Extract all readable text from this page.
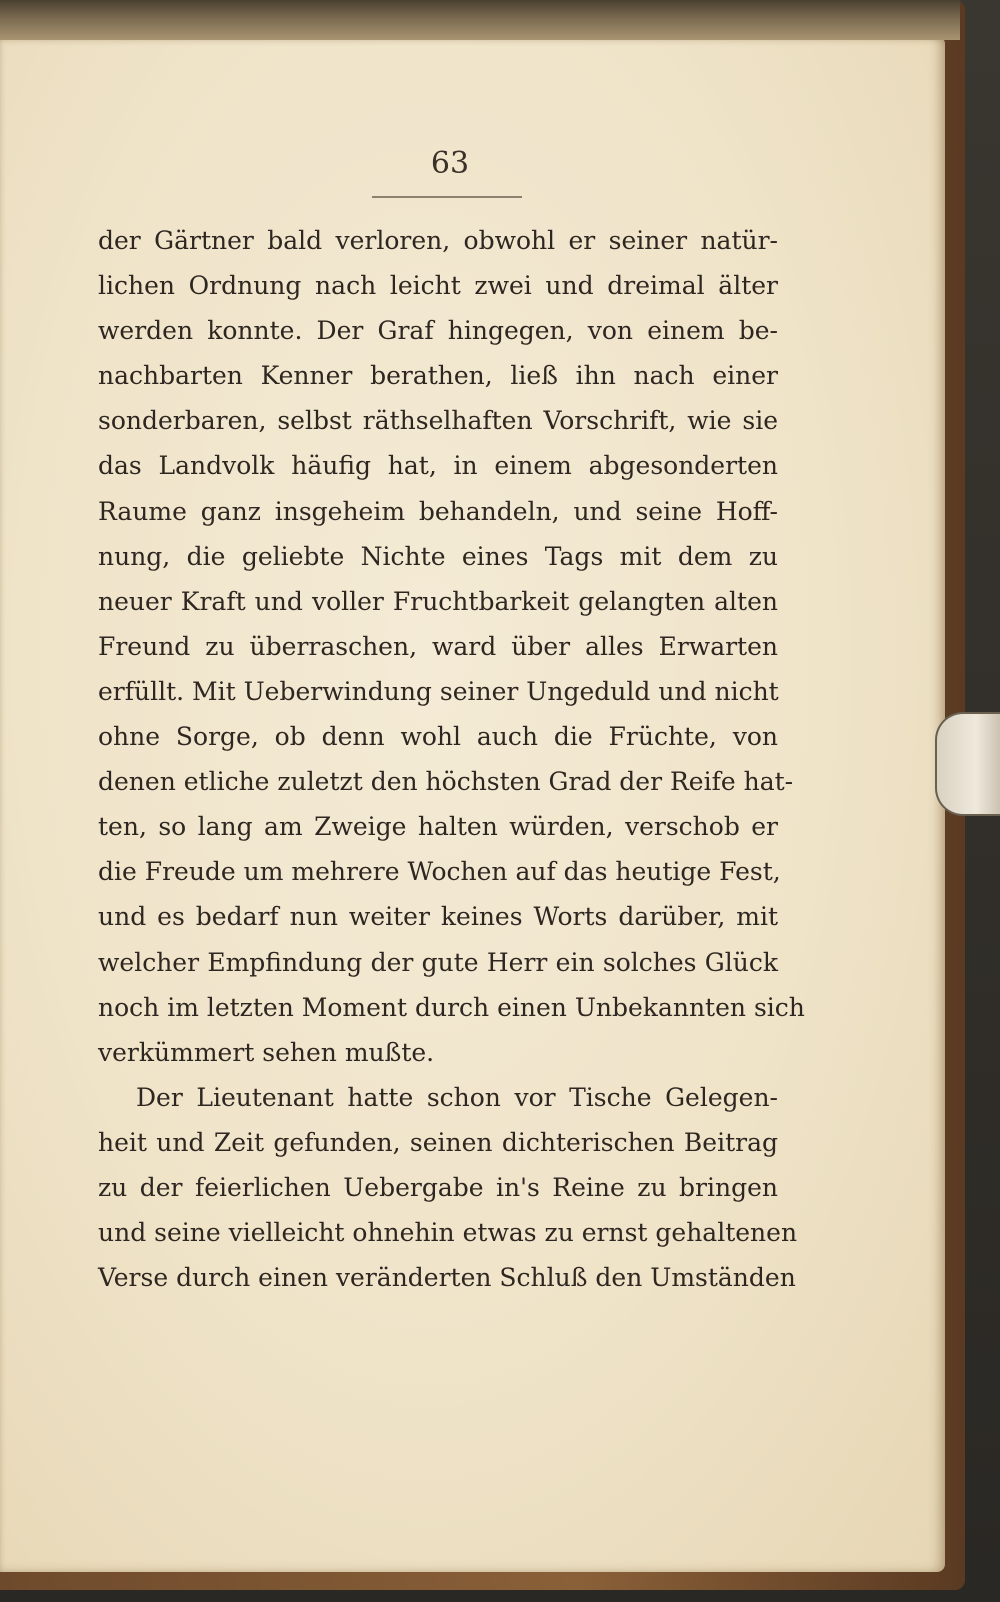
63

der Gärtner bald verloren, obwohl er seiner natür-
lichen Ordnung nach leicht zwei und dreimal älter
werden konnte. Der Graf hingegen, von einem be-
nachbarten Kenner berathen, ließ ihn nach einer
sonderbaren, selbst räthselhaften Vorschrift, wie sie
das Landvolk häufig hat, in einem abgesonderten
Raume ganz insgeheim behandeln, und seine Hoff-
nung, die geliebte Nichte eines Tags mit dem zu
neuer Kraft und voller Fruchtbarkeit gelangten alten
Freund zu überraschen, ward über alles Erwarten
erfüllt. Mit Ueberwindung seiner Ungeduld und nicht
ohne Sorge, ob denn wohl auch die Früchte, von
denen etliche zuletzt den höchsten Grad der Reife hat-
ten, so lang am Zweige halten würden, verschob er
die Freude um mehrere Wochen auf das heutige Fest,
und es bedarf nun weiter keines Worts darüber, mit
welcher Empfindung der gute Herr ein solches Glück
noch im letzten Moment durch einen Unbekannten sich
verkümmert sehen mußte.
Der Lieutenant hatte schon vor Tische Gelegen-
heit und Zeit gefunden, seinen dichterischen Beitrag
zu der feierlichen Uebergabe in's Reine zu bringen
und seine vielleicht ohnehin etwas zu ernst gehaltenen
Verse durch einen veränderten Schluß den Umständen
